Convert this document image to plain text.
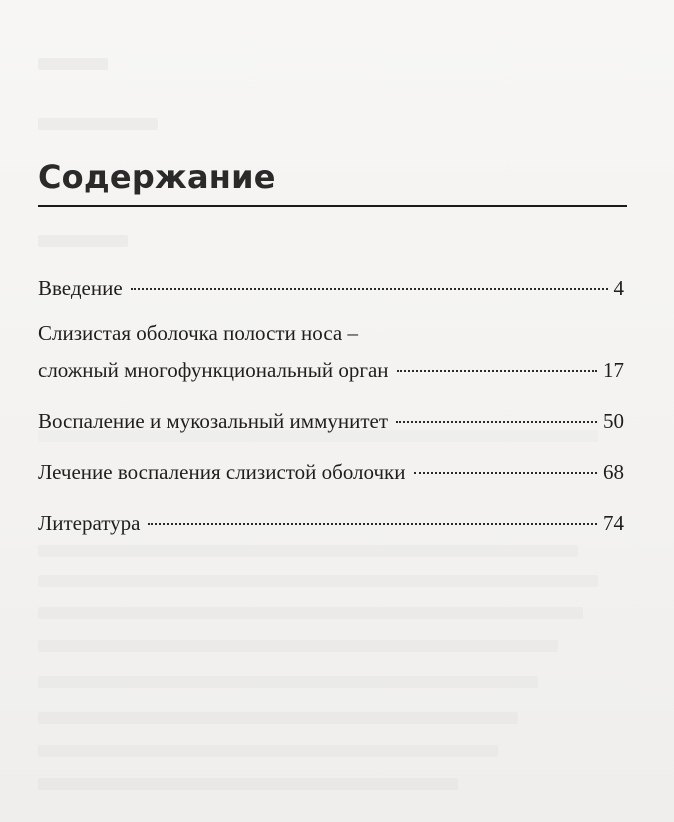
Содержание
Введение	4
Слизистая оболочка полости носа –
сложный многофункциональный орган	17
Воспаление и мукозальный иммунитет	50
Лечение воспаления слизистой оболочки	68
Литература	74
